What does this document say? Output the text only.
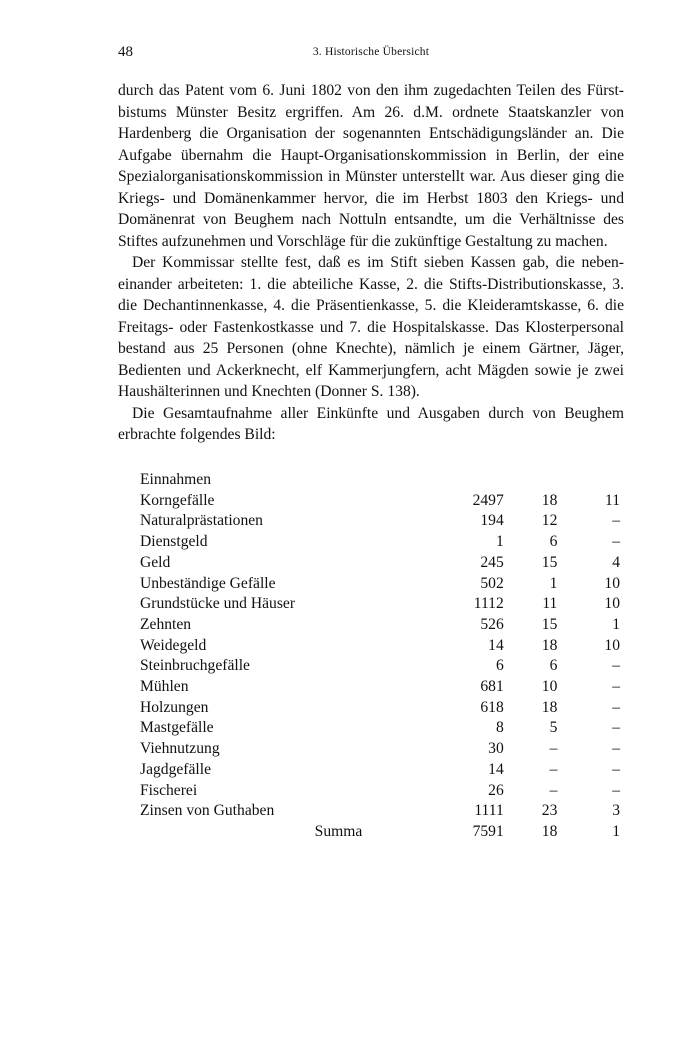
48	3. Historische Übersicht

durch das Patent vom 6. Juni 1802 von den ihm zugedachten Teilen des Fürstbistums Münster Besitz ergriffen. Am 26. d.M. ordnete Staatskanzler von Hardenberg die Organisation der sogenannten Entschädigungsländer an. Die Aufgabe übernahm die Haupt-Organisationskommission in Berlin, der eine Spezialorganisationskommission in Münster unterstellt war. Aus dieser ging die Kriegs- und Domänenkammer hervor, die im Herbst 1803 den Kriegs- und Domänenrat von Beughem nach Nottuln entsandte, um die Verhältnisse des Stiftes aufzunehmen und Vorschläge für die zukünftige Gestaltung zu machen.

Der Kommissar stellte fest, daß es im Stift sieben Kassen gab, die nebeneinander arbeiteten: 1. die abteiliche Kasse, 2. die Stifts-Distributionskasse, 3. die Dechantinnenkasse, 4. die Präsentienkasse, 5. die Kleideramtskasse, 6. die Freitags- oder Fastenkostkasse und 7. die Hospitalskasse. Das Klosterpersonal bestand aus 25 Personen (ohne Knechte), nämlich je einem Gärtner, Jäger, Bedienten und Ackerknecht, elf Kammerjungfern, acht Mägden sowie je zwei Haushälterinnen und Knechten (Donner S. 138).

Die Gesamtaufnahme aller Einkünfte und Ausgaben durch von Beughem erbrachte folgendes Bild:

Einnahmen			
Korngefälle	2497	18	11
Naturalprästationen	194	12	–
Dienstgeld	1	6	–
Geld	245	15	4
Unbeständige Gefälle	502	1	10
Grundstücke und Häuser	1112	11	10
Zehnten	526	15	1
Weidegeld	14	18	10
Steinbruchgefälle	6	6	–
Mühlen	681	10	–
Holzungen	618	18	–
Mastgefälle	8	5	–
Viehnutzung	30	–	–
Jagdgefälle	14	–	–
Fischerei	26	–	–
Zinsen von Guthaben	1111	23	3
Summa	7591	18	1
